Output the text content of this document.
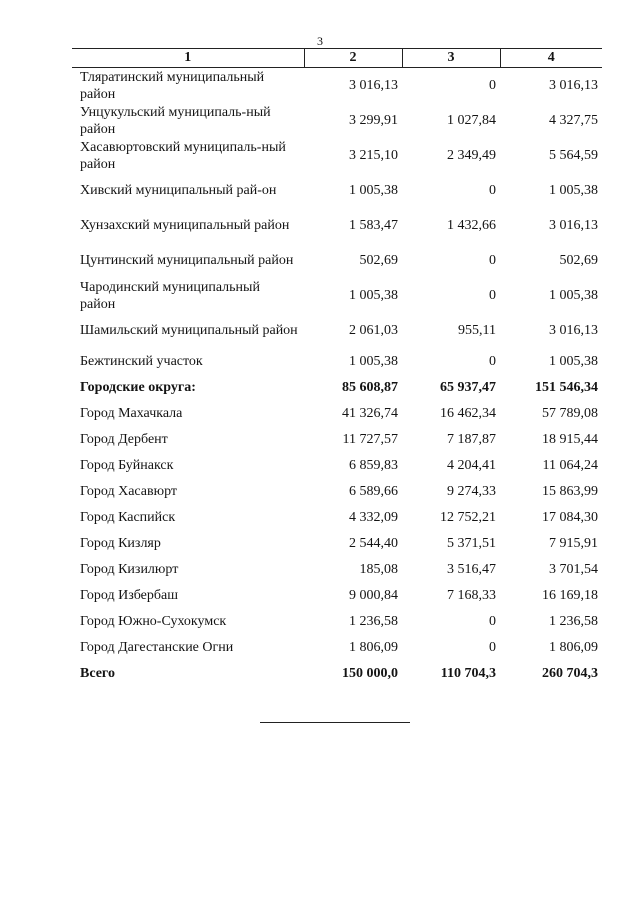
3
1	2	3	4
Тляратинский муниципальный район	3 016,13	0	3 016,13
Унцукульский муниципаль-ный район	3 299,91	1 027,84	4 327,75
Хасавюртовский муниципаль-ный район	3 215,10	2 349,49	5 564,59
Хивский муниципальный рай-он	1 005,38	0	1 005,38
Хунзахский муниципальный район	1 583,47	1 432,66	3 016,13
Цунтинский муниципальный район	502,69	0	502,69
Чародинский муниципальный район	1 005,38	0	1 005,38
Шамильский муниципальный район	2 061,03	955,11	3 016,13
Бежтинский участок	1 005,38	0	1 005,38
Городские округа:	85 608,87	65 937,47	151 546,34
Город Махачкала	41 326,74	16 462,34	57 789,08
Город Дербент	11 727,57	7 187,87	18 915,44
Город Буйнакск	6 859,83	4 204,41	11 064,24
Город Хасавюрт	6 589,66	9 274,33	15 863,99
Город Каспийск	4 332,09	12 752,21	17 084,30
Город Кизляр	2 544,40	5 371,51	7 915,91
Город Кизилюрт	185,08	3 516,47	3 701,54
Город Избербаш	9 000,84	7 168,33	16 169,18
Город Южно-Сухокумск	1 236,58	0	1 236,58
Город Дагестанские Огни	1 806,09	0	1 806,09
Всего	150 000,0	110 704,3	260 704,3
